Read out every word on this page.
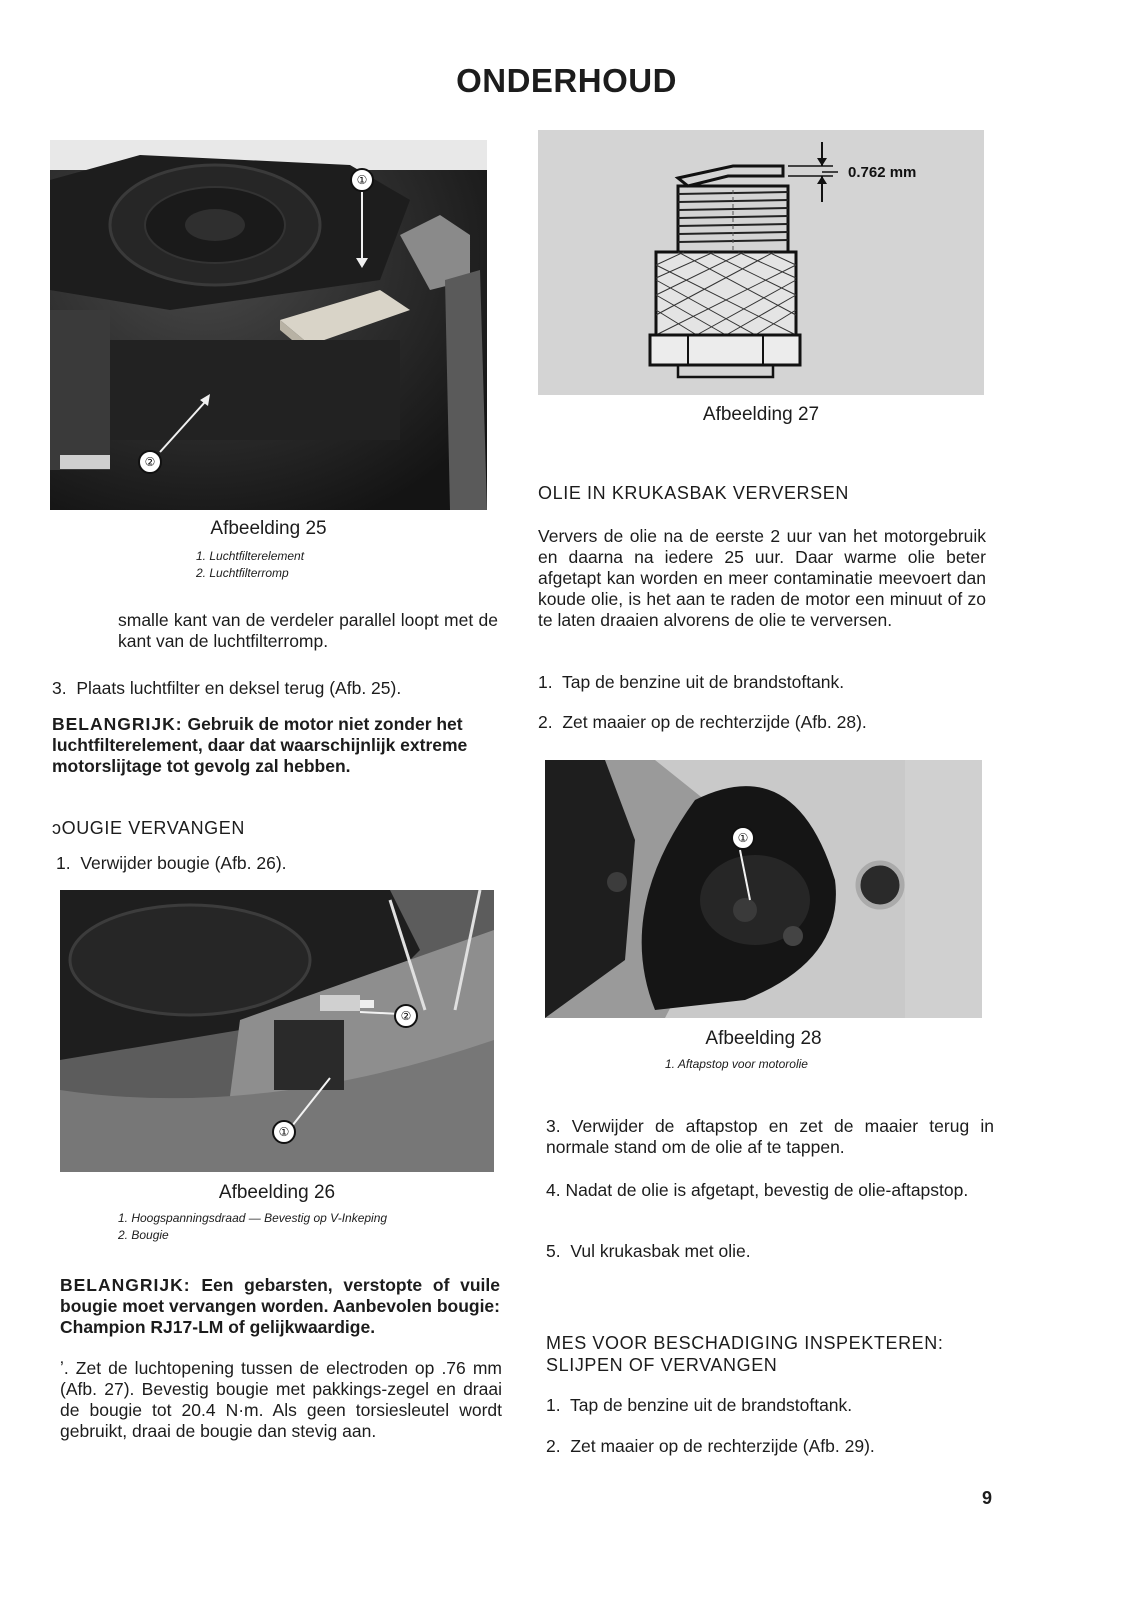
ONDERHOUD
①
②
Afbeelding 25
1. Luchtfilterelement
2. Luchtfilterromp
smalle kant van de verdeler parallel loopt met de kant van de luchtfilterromp.
3.  Plaats luchtfilter en deksel terug (Afb. 25).
BELANGRIJK: Gebruik de motor niet zonder het luchtfilterelement, daar dat waarschijnlijk extreme motorslijtage tot gevolg zal hebben.
ɔOUGIE VERVANGEN
1.  Verwijder bougie (Afb. 26).
②
①
Afbeelding 26
1. Hoogspanningsdraad — Bevestig op V-Inkeping
2. Bougie
BELANGRIJK: Een gebarsten, verstopte of vuile bougie moet vervangen worden. Aanbevolen bougie: Champion RJ17-LM of gelijkwaardige.
ʼ. Zet de luchtopening tussen de electroden op .76 mm (Afb. 27). Bevestig bougie met pakkings-zegel en draai de bougie tot 20.4 N·m. Als geen torsiesleutel wordt gebruikt, draai de bougie dan stevig aan.
0.762 mm
Afbeelding 27
OLIE IN KRUKASBAK VERVERSEN
Ververs de olie na de eerste 2 uur van het motorgebruik en daarna na iedere 25 uur. Daar warme olie beter afgetapt kan worden en meer contaminatie meevoert dan koude olie, is het aan te raden de motor een minuut of zo te laten draaien alvorens de olie te verversen.
1.  Tap de benzine uit de brandstoftank.
2.  Zet maaier op de rechterzijde (Afb. 28).
①
Afbeelding 28
1. Aftapstop voor motorolie
3. Verwijder de aftapstop en zet de maaier terug in normale stand om de olie af te tappen.
4. Nadat de olie is afgetapt, bevestig de olie-aftapstop.
5.  Vul krukasbak met olie.
MES VOOR BESCHADIGING INSPEKTEREN: SLIJPEN OF VERVANGEN
1.  Tap de benzine uit de brandstoftank.
2.  Zet maaier op de rechterzijde (Afb. 29).
9
